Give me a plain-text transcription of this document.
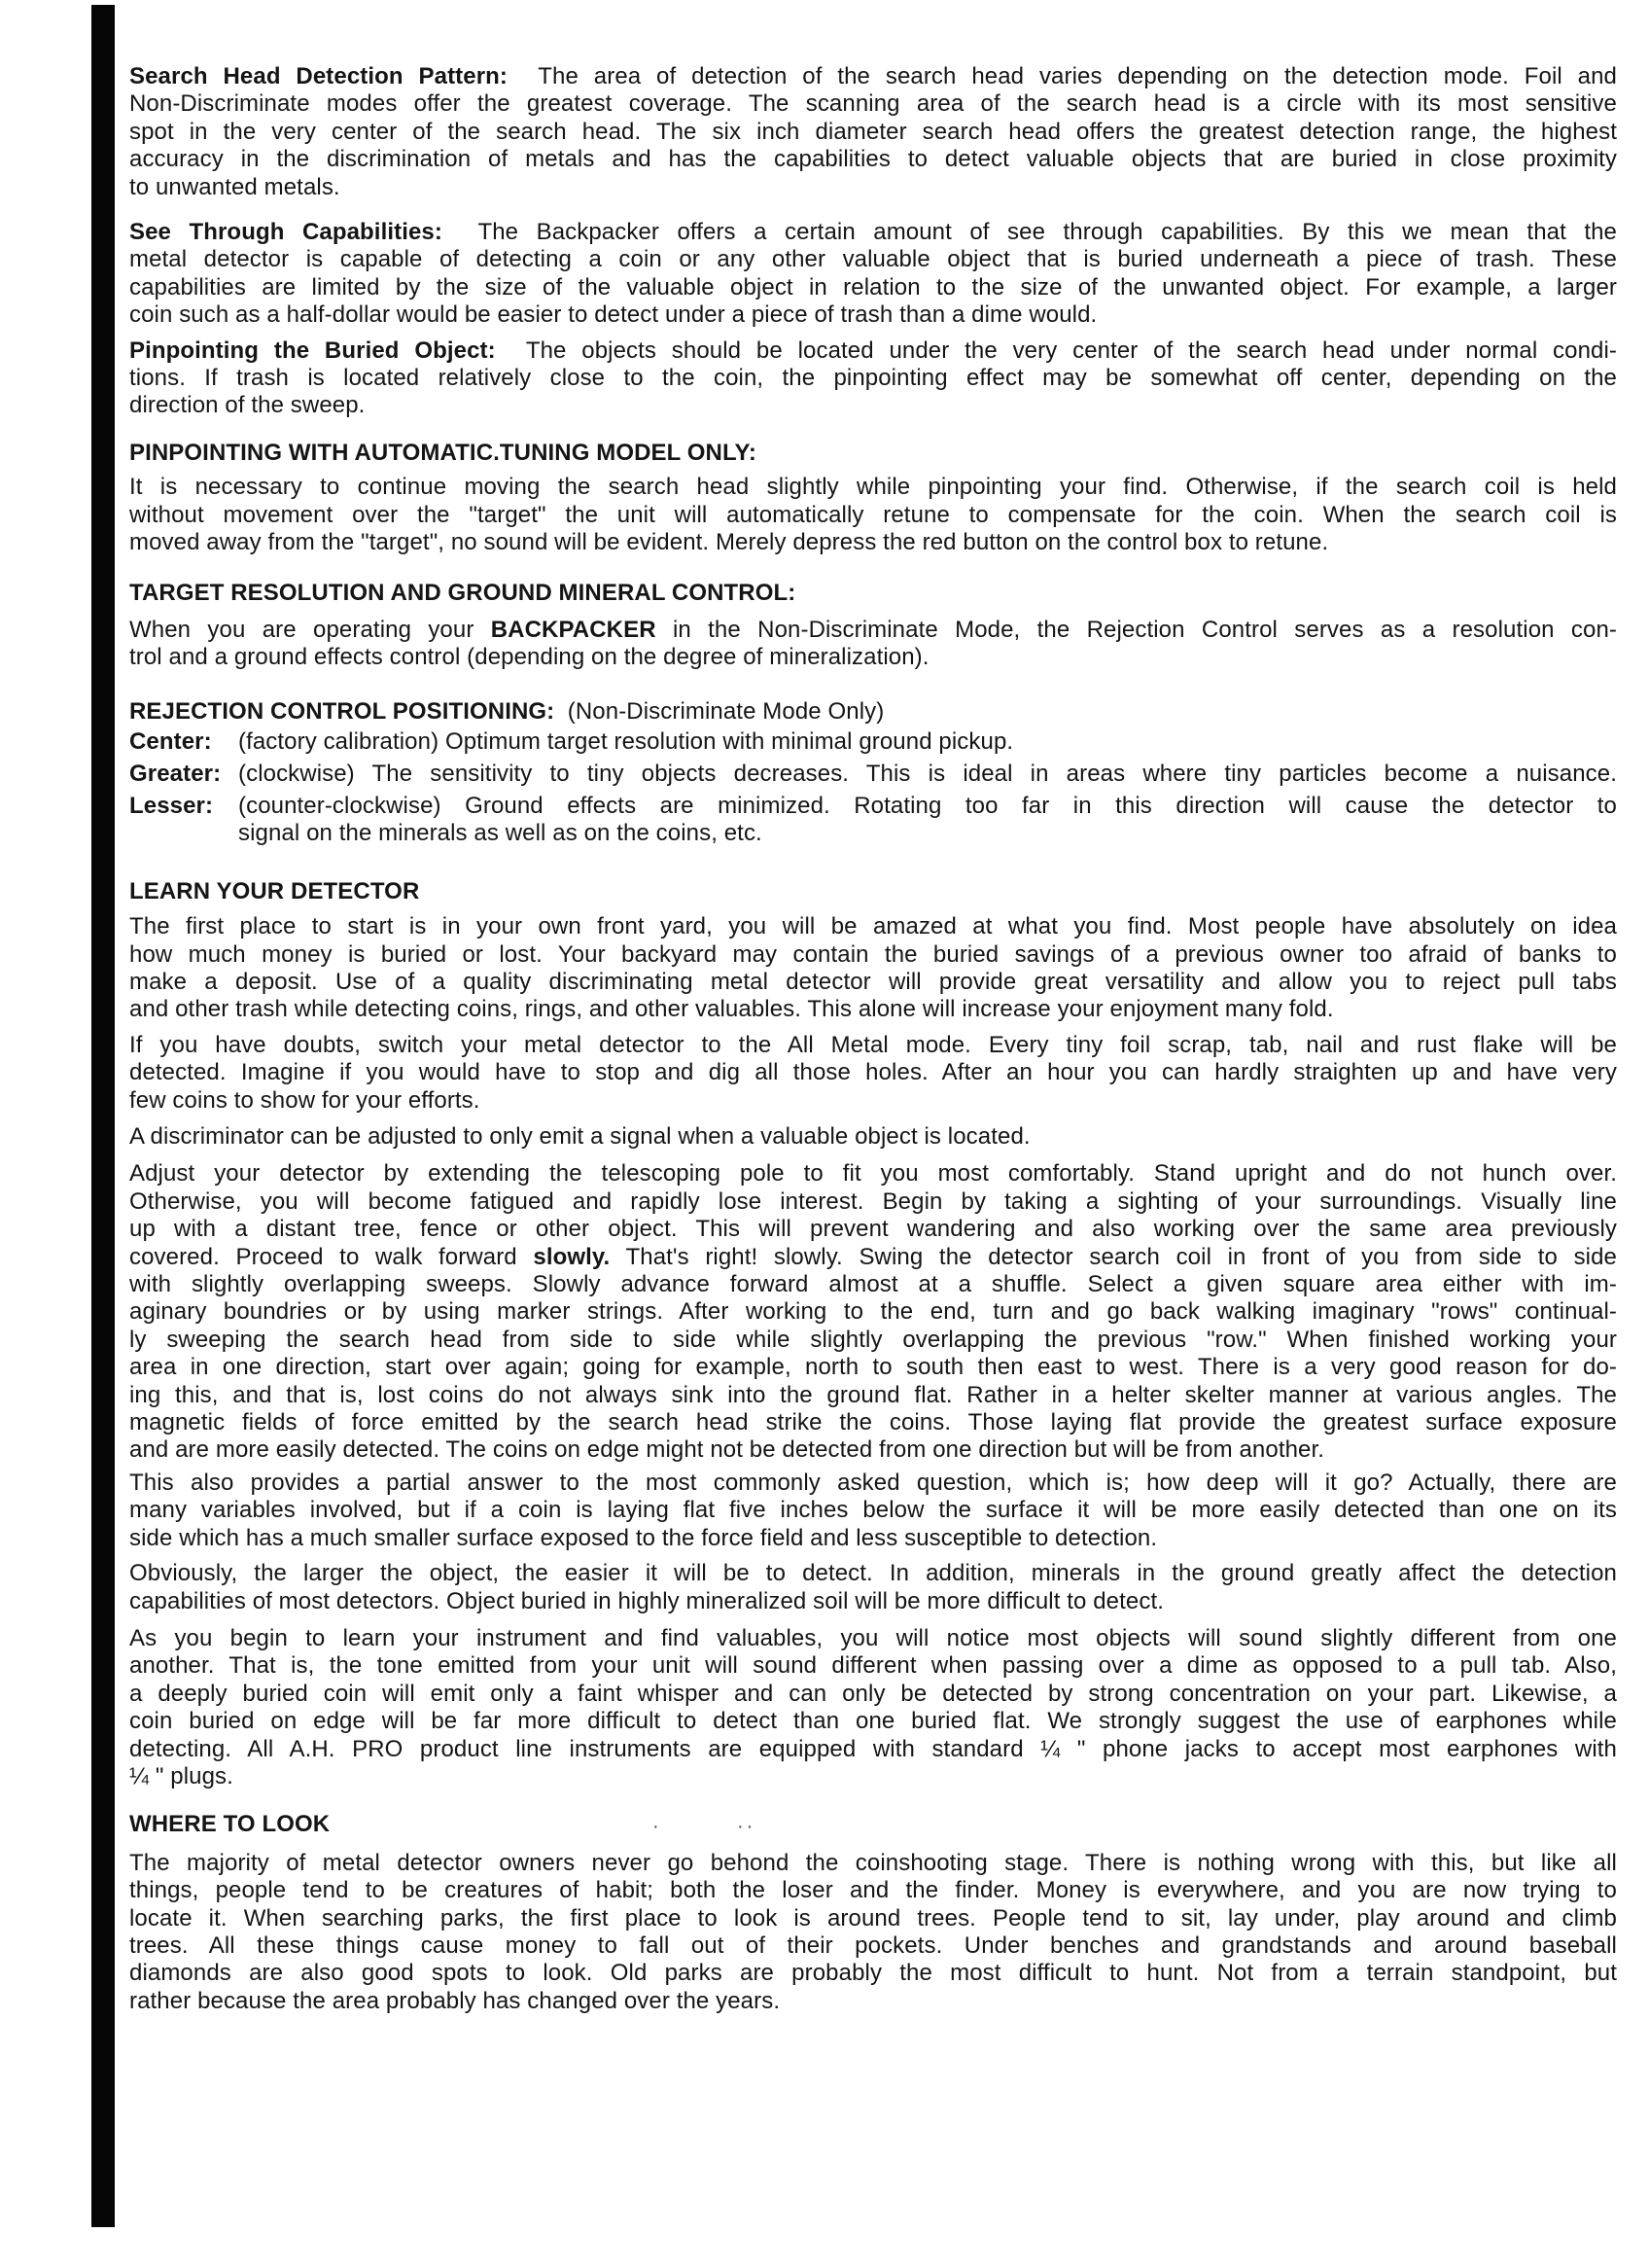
Search Head Detection Pattern:  The area of detection of the search head varies depending on the detection mode. Foil and
Non-Discriminate modes offer the greatest coverage. The scanning area of the search head is a circle with its most sensitive
spot in the very center of the search head. The six inch diameter search head offers the greatest detection range, the highest
accuracy in the discrimination of metals and has the capabilities to detect valuable objects that are buried in close proximity
to unwanted metals.
See Through Capabilities:  The Backpacker offers a certain amount of see through capabilities. By this we mean that the
metal detector is capable of detecting a coin or any other valuable object that is buried underneath a piece of trash. These
capabilities are limited by the size of the valuable object in relation to the size of the unwanted object. For example, a larger
coin such as a half-dollar would be easier to detect under a piece of trash than a dime would.
Pinpointing the Buried Object:  The objects should be located under the very center of the search head under normal condi-
tions. If trash is located relatively close to the coin, the pinpointing effect may be somewhat off center, depending on the
direction of the sweep.
PINPOINTING WITH AUTOMATIC.TUNING MODEL ONLY:
It is necessary to continue moving the search head slightly while pinpointing your find. Otherwise, if the search coil is held
without movement over the "target" the unit will automatically retune to compensate for the coin. When the search coil is
moved away from the "target", no sound will be evident. Merely depress the red button on the control box to retune.
TARGET RESOLUTION AND GROUND MINERAL CONTROL:
When you are operating your BACKPACKER in the Non-Discriminate Mode, the Rejection Control serves as a resolution con-
trol and a ground effects control (depending on the degree of mineralization).
REJECTION CONTROL POSITIONING:  (Non-Discriminate Mode Only)
Center:	(factory calibration) Optimum target resolution with minimal ground pickup.
Greater: (clockwise) The sensitivity to tiny objects decreases. This is ideal in areas where tiny particles become a nuisance.
Lesser:	(counter-clockwise) Ground effects are minimized. Rotating too far in this direction will cause the detector to
signal on the minerals as well as on the coins, etc.
LEARN YOUR DETECTOR
The first place to start is in your own front yard, you will be amazed at what you find. Most people have absolutely on idea
how much money is buried or lost. Your backyard may contain the buried savings of a previous owner too afraid of banks to
make a deposit. Use of a quality discriminating metal detector will provide great versatility and allow you to reject pull tabs
and other trash while detecting coins, rings, and other valuables. This alone will increase your enjoyment many fold.
If you have doubts, switch your metal detector to the All Metal mode. Every tiny foil scrap, tab, nail and rust flake will be
detected. Imagine if you would have to stop and dig all those holes. After an hour you can hardly straighten up and have very
few coins to show for your efforts.
A discriminator can be adjusted to only emit a signal when a valuable object is located.
Adjust your detector by extending the telescoping pole to fit you most comfortably. Stand upright and do not hunch over.
Otherwise, you will become fatigued and rapidly lose interest. Begin by taking a sighting of your surroundings. Visually line
up with a distant tree, fence or other object. This will prevent wandering and also working over the same area previously
covered. Proceed to walk forward slowly. That's right! slowly. Swing the detector search coil in front of you from side to side
with slightly overlapping sweeps. Slowly advance forward almost at a shuffle. Select a given square area either with im-
aginary boundries or by using marker strings. After working to the end, turn and go back walking imaginary "rows" continual-
ly sweeping the search head from side to side while slightly overlapping the previous "row." When finished working your
area in one direction, start over again; going for example, north to south then east to west. There is a very good reason for do-
ing this, and that is, lost coins do not always sink into the ground flat. Rather in a helter skelter manner at various angles. The
magnetic fields of force emitted by the search head strike the coins. Those laying flat provide the greatest surface exposure
and are more easily detected. The coins on edge might not be detected from one direction but will be from another.
This also provides a partial answer to the most commonly asked question, which is; how deep will it go? Actually, there are
many variables involved, but if a coin is laying flat five inches below the surface it will be more easily detected than one on its
side which has a much smaller surface exposed to the force field and less susceptible to detection.
Obviously, the larger the object, the easier it will be to detect. In addition, minerals in the ground greatly affect the detection
capabilities of most detectors. Object buried in highly mineralized soil will be more difficult to detect.
As you begin to learn your instrument and find valuables, you will notice most objects will sound slightly different from one
another. That is, the tone emitted from your unit will sound different when passing over a dime as opposed to a pull tab. Also,
a deeply buried coin will emit only a faint whisper and can only be detected by strong concentration on your part. Likewise, a
coin buried on edge will be far more difficult to detect than one buried flat. We strongly suggest the use of earphones while
detecting. All A.H. PRO product line instruments are equipped with standard ¼ " phone jacks to accept most earphones with
¼ " plugs.
WHERE TO LOOK	·	··
The majority of metal detector owners never go behond the coinshooting stage. There is nothing wrong with this, but like all
things, people tend to be creatures of habit; both the loser and the finder. Money is everywhere, and you are now trying to
locate it. When searching parks, the first place to look is around trees. People tend to sit, lay under, play around and climb
trees. All these things cause money to fall out of their pockets. Under benches and grandstands and around baseball
diamonds are also good spots to look. Old parks are probably the most difficult to hunt. Not from a terrain standpoint, but
rather because the area probably has changed over the years.
